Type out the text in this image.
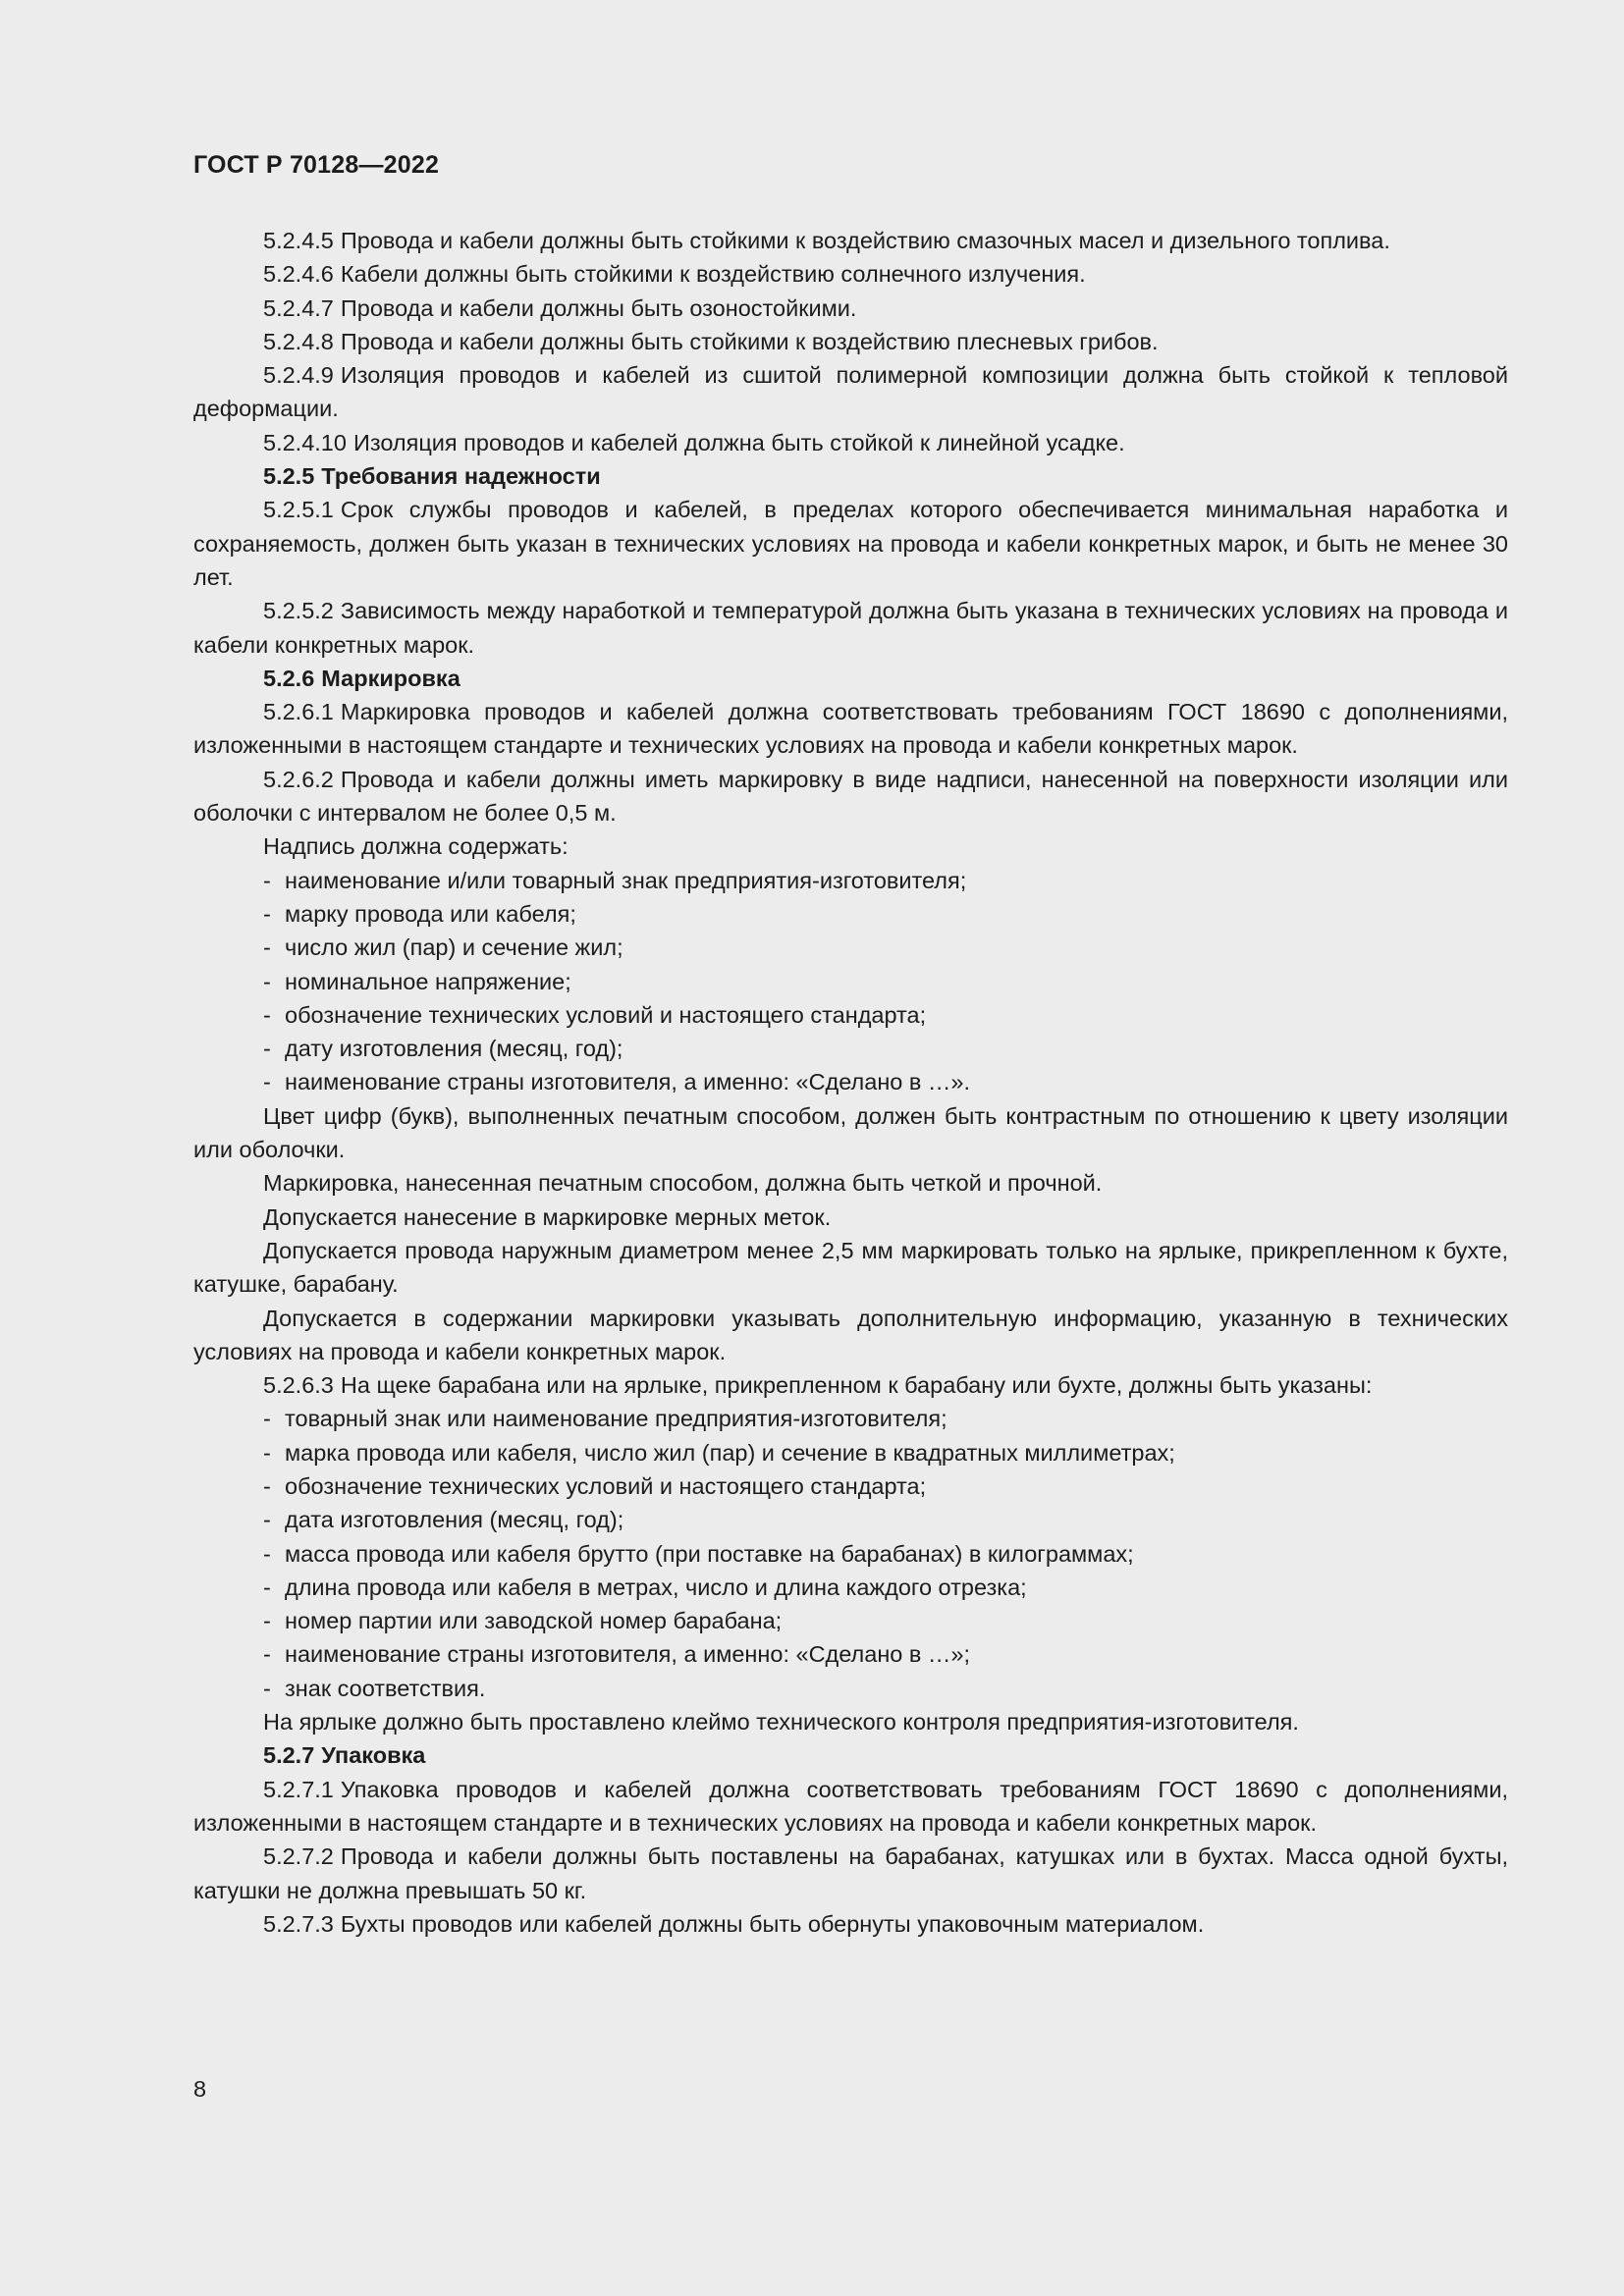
ГОСТ Р 70128—2022

5.2.4.5 Провода и кабели должны быть стойкими к воздействию смазочных масел и дизельного топлива.

5.2.4.6 Кабели должны быть стойкими к воздействию солнечного излучения.

5.2.4.7 Провода и кабели должны быть озоностойкими.

5.2.4.8 Провода и кабели должны быть стойкими к воздействию плесневых грибов.

5.2.4.9 Изоляция проводов и кабелей из сшитой полимерной композиции должна быть стойкой к тепловой деформации.

5.2.4.10 Изоляция проводов и кабелей должна быть стойкой к линейной усадке.

5.2.5 Требования надежности

5.2.5.1 Срок службы проводов и кабелей, в пределах которого обеспечивается минимальная наработка и сохраняемость, должен быть указан в технических условиях на провода и кабели конкретных марок, и быть не менее 30 лет.

5.2.5.2 Зависимость между наработкой и температурой должна быть указана в технических условиях на провода и кабели конкретных марок.

5.2.6 Маркировка

5.2.6.1 Маркировка проводов и кабелей должна соответствовать требованиям ГОСТ 18690 с дополнениями, изложенными в настоящем стандарте и технических условиях на провода и кабели конкретных марок.

5.2.6.2 Провода и кабели должны иметь маркировку в виде надписи, нанесенной на поверхности изоляции или оболочки с интервалом не более 0,5 м.

Надпись должна содержать:

- наименование и/или товарный знак предприятия-изготовителя;
- марку провода или кабеля;
- число жил (пар) и сечение жил;
- номинальное напряжение;
- обозначение технических условий и настоящего стандарта;
- дату изготовления (месяц, год);
- наименование страны изготовителя, а именно: «Сделано в …».

Цвет цифр (букв), выполненных печатным способом, должен быть контрастным по отношению к цвету изоляции или оболочки.

Маркировка, нанесенная печатным способом, должна быть четкой и прочной.

Допускается нанесение в маркировке мерных меток.

Допускается провода наружным диаметром менее 2,5 мм маркировать только на ярлыке, прикрепленном к бухте, катушке, барабану.

Допускается в содержании маркировки указывать дополнительную информацию, указанную в технических условиях на провода и кабели конкретных марок.

5.2.6.3 На щеке барабана или на ярлыке, прикрепленном к барабану или бухте, должны быть указаны:

- товарный знак или наименование предприятия-изготовителя;
- марка провода или кабеля, число жил (пар) и сечение в квадратных миллиметрах;
- обозначение технических условий и настоящего стандарта;
- дата изготовления (месяц, год);
- масса провода или кабеля брутто (при поставке на барабанах) в килограммах;
- длина провода или кабеля в метрах, число и длина каждого отрезка;
- номер партии или заводской номер барабана;
- наименование страны изготовителя, а именно: «Сделано в …»;
- знак соответствия.

На ярлыке должно быть проставлено клеймо технического контроля предприятия-изготовителя.

5.2.7 Упаковка

5.2.7.1 Упаковка проводов и кабелей должна соответствовать требованиям ГОСТ 18690 с дополнениями, изложенными в настоящем стандарте и в технических условиях на провода и кабели конкретных марок.

5.2.7.2 Провода и кабели должны быть поставлены на барабанах, катушках или в бухтах. Масса одной бухты, катушки не должна превышать 50 кг.

5.2.7.3 Бухты проводов или кабелей должны быть обернуты упаковочным материалом.

8
